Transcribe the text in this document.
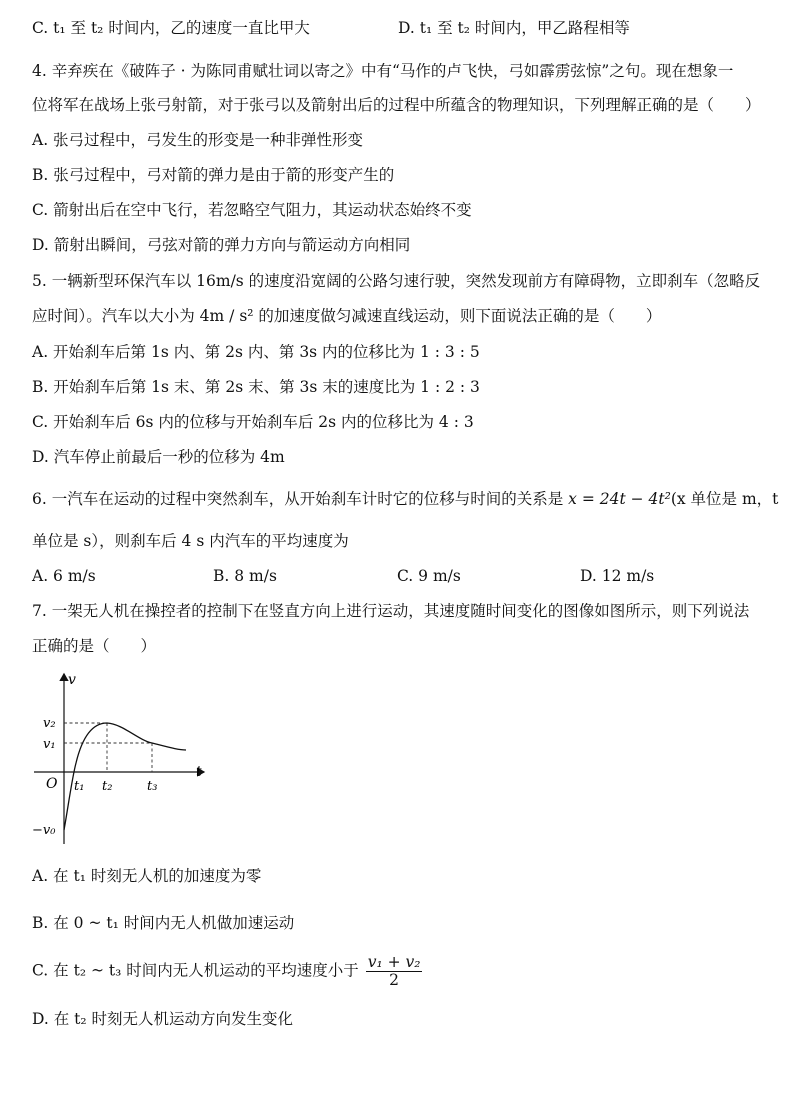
C. t₁ 至 t₂ 时间内，乙的速度一直比甲大	D. t₁ 至 t₂ 时间内，甲乙路程相等
4. 辛弃疾在《破阵子 · 为陈同甫赋壮词以寄之》中有“马作的卢飞快，弓如霹雳弦惊”之句。现在想象一
位将军在战场上张弓射箭，对于张弓以及箭射出后的过程中所蕴含的物理知识，下列理解正确的是（　　）
A. 张弓过程中，弓发生的形变是一种非弹性形变
B. 张弓过程中，弓对箭的弹力是由于箭的形变产生的
C. 箭射出后在空中飞行，若忽略空气阻力，其运动状态始终不变
D. 箭射出瞬间，弓弦对箭的弹力方向与箭运动方向相同
5. 一辆新型环保汽车以 16m/s 的速度沿宽阔的公路匀速行驶，突然发现前方有障碍物，立即刹车（忽略反
应时间）。汽车以大小为 4m / s² 的加速度做匀减速直线运动，则下面说法正确的是（　　）
A. 开始刹车后第 1s 内、第 2s 内、第 3s 内的位移比为 1 : 3 : 5
B. 开始刹车后第 1s 末、第 2s 末、第 3s 末的速度比为 1 : 2 : 3
C. 开始刹车后 6s 内的位移与开始刹车后 2s 内的位移比为 4 : 3
D. 汽车停止前最后一秒的位移为 4m
6. 一汽车在运动的过程中突然刹车，从开始刹车计时它的位移与时间的关系是 x = 24t − 4t²(x 单位是 m，t
单位是 s），则刹车后 4 s 内汽车的平均速度为
A. 6 m/s	B. 8 m/s	C. 9 m/s	D. 12 m/s
7. 一架无人机在操控者的控制下在竖直方向上进行运动，其速度随时间变化的图像如图所示，则下列说法
正确的是（　　）
v
t
O
v₂
v₁
−v₀
t₁ t₂	t₃
A. 在 t₁ 时刻无人机的加速度为零
B. 在 0 ~ t₁ 时间内无人机做加速运动
C. 在 t₂ ~ t₃ 时间内无人机运动的平均速度小于 $\frac{\text{v₁ + v₂}}{2}$
D. 在 t₂ 时刻无人机运动方向发生变化
